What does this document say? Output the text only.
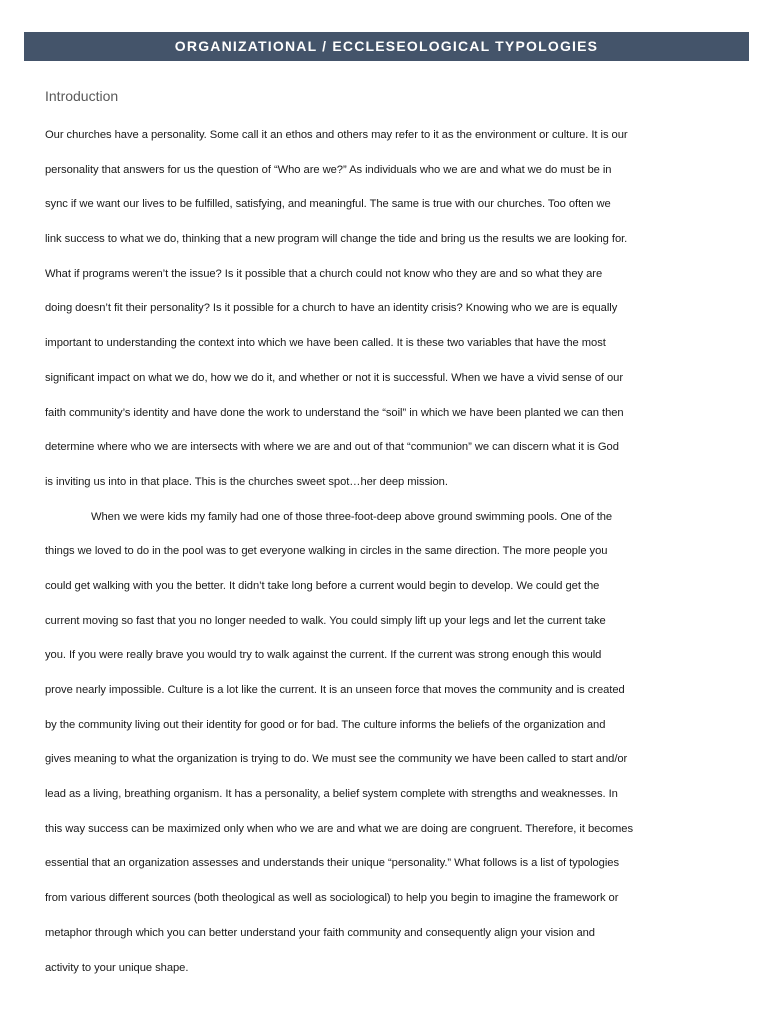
ORGANIZATIONAL / ECCLESEOLOGICAL TYPOLOGIES
Introduction
Our churches have a personality. Some call it an ethos and others may refer to it as the environment or culture. It is our
personality that answers for us the question of “Who are we?” As individuals who we are and what we do must be in
sync if we want our lives to be fulfilled, satisfying, and meaningful. The same is true with our churches. Too often we
link success to what we do, thinking that a new program will change the tide and bring us the results we are looking for.
What if programs weren’t the issue? Is it possible that a church could not know who they are and so what they are
doing doesn’t fit their personality? Is it possible for a church to have an identity crisis? Knowing who we are is equally
important to understanding the context into which we have been called. It is these two variables that have the most
significant impact on what we do, how we do it, and whether or not it is successful. When we have a vivid sense of our
faith community’s identity and have done the work to understand the “soil” in which we have been planted we can then
determine where who we are intersects with where we are and out of that “communion” we can discern what it is God
is inviting us into in that place. This is the churches sweet spot…her deep mission.
When we were kids my family had one of those three-foot-deep above ground swimming pools. One of the
things we loved to do in the pool was to get everyone walking in circles in the same direction. The more people you
could get walking with you the better. It didn’t take long before a current would begin to develop. We could get the
current moving so fast that you no longer needed to walk. You could simply lift up your legs and let the current take
you. If you were really brave you would try to walk against the current. If the current was strong enough this would
prove nearly impossible. Culture is a lot like the current. It is an unseen force that moves the community and is created
by the community living out their identity for good or for bad. The culture informs the beliefs of the organization and
gives meaning to what the organization is trying to do. We must see the community we have been called to start and/or
lead as a living, breathing organism. It has a personality, a belief system complete with strengths and weaknesses. In
this way success can be maximized only when who we are and what we are doing are congruent. Therefore, it becomes
essential that an organization assesses and understands their unique “personality.” What follows is a list of typologies
from various different sources (both theological as well as sociological) to help you begin to imagine the framework or
metaphor through which you can better understand your faith community and consequently align your vision and
activity to your unique shape.
